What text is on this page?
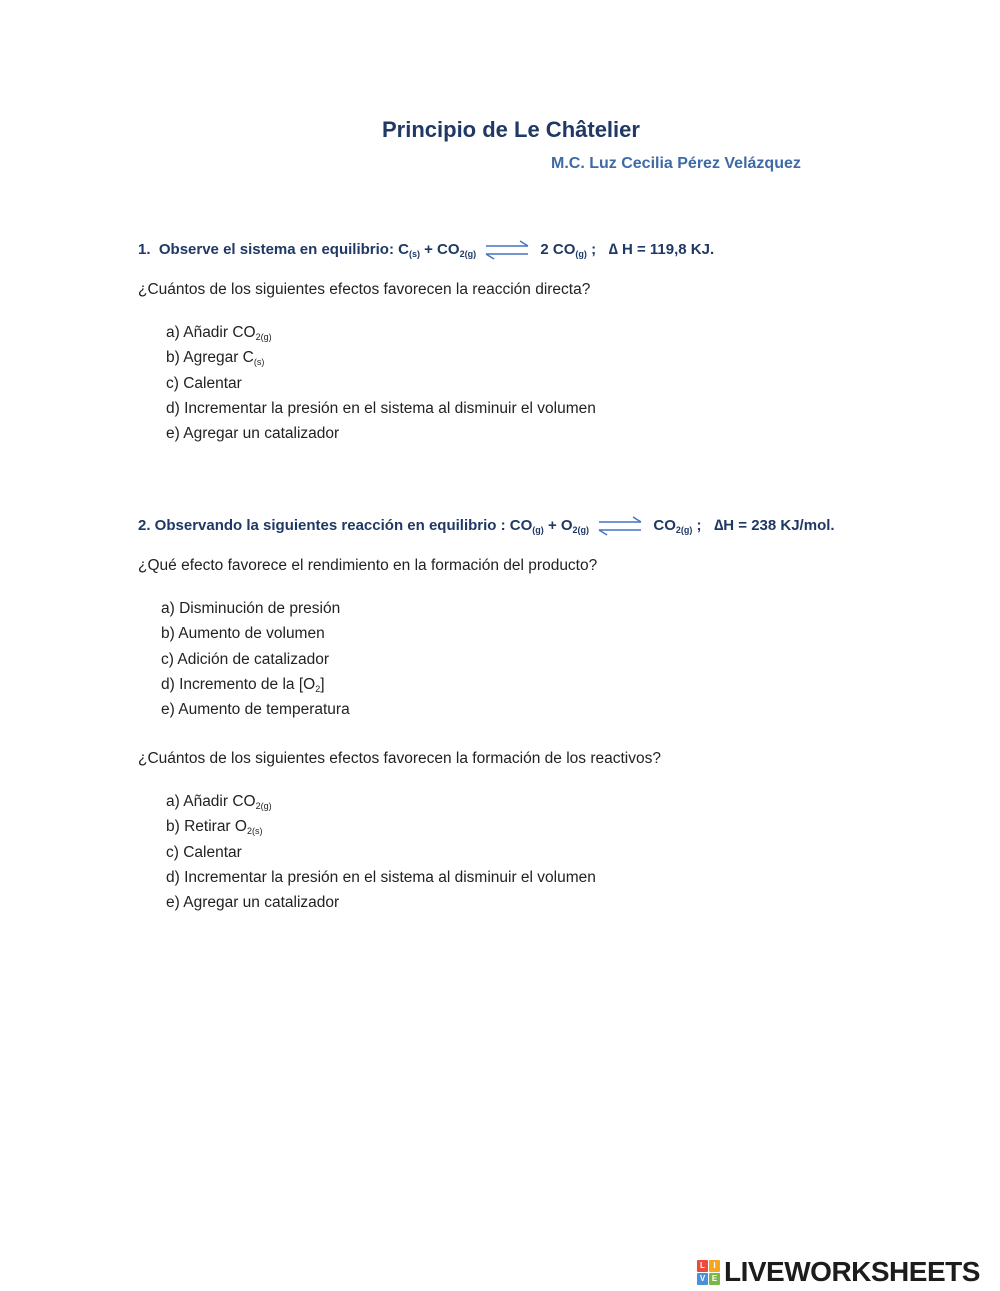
Principio de Le Châtelier
M.C. Luz Cecilia Pérez Velázquez
1. Observe el sistema en equilibrio: $C_{(s)} + CO_{2(g)}$ ⇌ 2 $CO_{(g)}$ ; ∆ H = 119,8 KJ.
¿Cuántos de los siguientes efectos favorecen la reacción directa?
a) Añadir $CO_{2(g)}$
b) Agregar $C_{(s)}$
c) Calentar
d) Incrementar la presión en el sistema al disminuir el volumen
e) Agregar un catalizador
2. Observando la siguientes reacción en equilibrio : $CO_{(g)} + O_{2(g)}$ ⇌ $CO_{2(g)}$ ; ∆H = 238 KJ/mol.
¿Qué efecto favorece el rendimiento en la formación del producto?
a) Disminución de presión
b) Aumento de volumen
c) Adición de catalizador
d) Incremento de la $[O_2]$
e) Aumento de temperatura
¿Cuántos de los siguientes efectos favorecen la formación de los reactivos?
a) Añadir $CO_{2(g)}$
b) Retirar $O_{2(s)}$
c) Calentar
d) Incrementar la presión en el sistema al disminuir el volumen
e) Agregar un catalizador
L	I
V E LIVEWORKSHEETS
